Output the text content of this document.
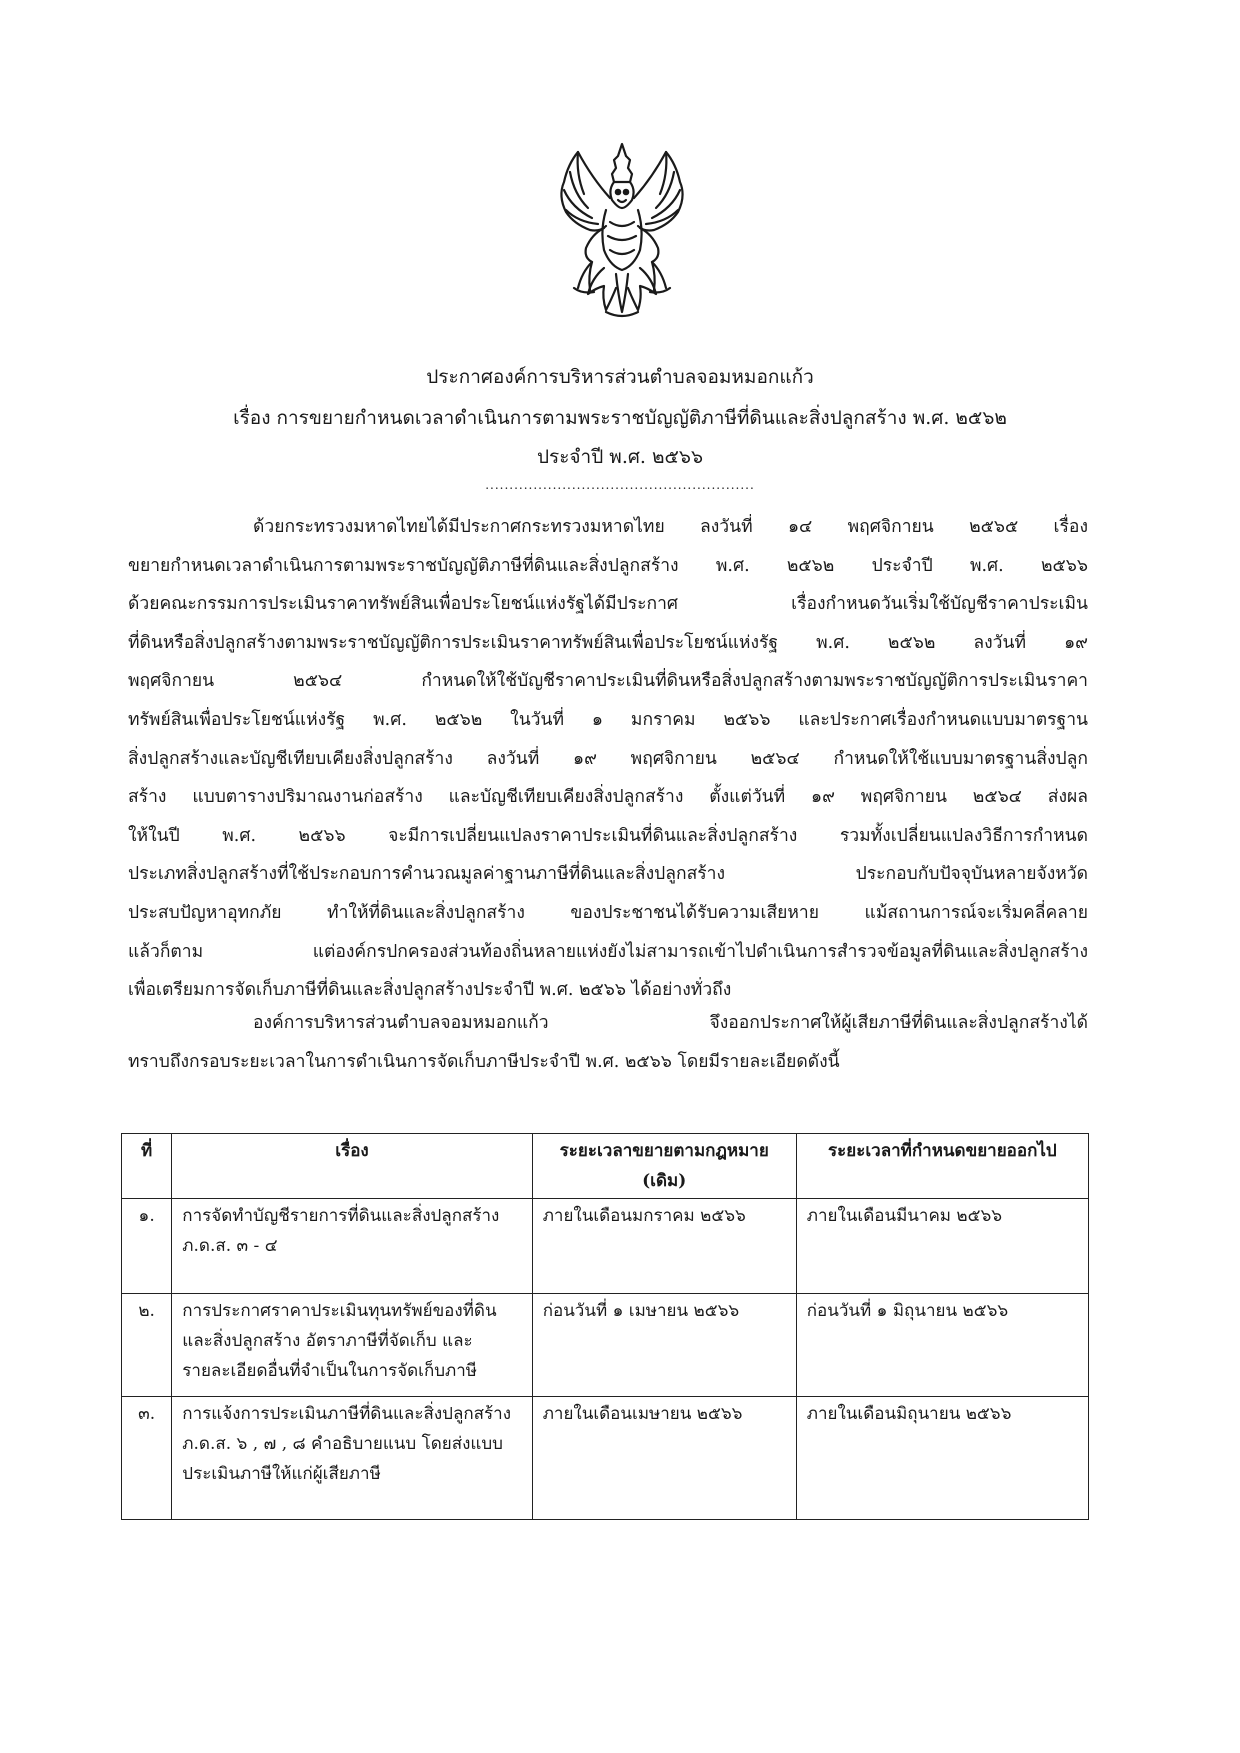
ประกาศองค์การบริหารส่วนตำบลจอมหมอกแก้ว
เรื่อง การขยายกำหนดเวลาดำเนินการตามพระราชบัญญัติภาษีที่ดินและสิ่งปลูกสร้าง พ.ศ. ๒๕๖๒
ประจำปี พ.ศ. ๒๕๖๖
........................................................
ด้วยกระทรวงมหาดไทยได้มีประกาศกระทรวงมหาดไทย ลงวันที่ ๑๔ พฤศจิกายน ๒๕๖๕ เรื่อง
ขยายกำหนดเวลาดำเนินการตามพระราชบัญญัติภาษีที่ดินและสิ่งปลูกสร้าง พ.ศ. ๒๕๖๒ ประจำปี พ.ศ. ๒๕๖๖
ด้วยคณะกรรมการประเมินราคาทรัพย์สินเพื่อประโยชน์แห่งรัฐได้มีประกาศ เรื่องกำหนดวันเริ่มใช้บัญชีราคาประเมิน
ที่ดินหรือสิ่งปลูกสร้างตามพระราชบัญญัติการประเมินราคาทรัพย์สินเพื่อประโยชน์แห่งรัฐ พ.ศ. ๒๕๖๒ ลงวันที่ ๑๙
พฤศจิกายน ๒๕๖๔ กำหนดให้ใช้บัญชีราคาประเมินที่ดินหรือสิ่งปลูกสร้างตามพระราชบัญญัติการประเมินราคา
ทรัพย์สินเพื่อประโยชน์แห่งรัฐ พ.ศ. ๒๕๖๒ ในวันที่ ๑ มกราคม ๒๕๖๖ และประกาศเรื่องกำหนดแบบมาตรฐาน
สิ่งปลูกสร้างและบัญชีเทียบเคียงสิ่งปลูกสร้าง ลงวันที่ ๑๙ พฤศจิกายน ๒๕๖๔ กำหนดให้ใช้แบบมาตรฐานสิ่งปลูก
สร้าง แบบตารางปริมาณงานก่อสร้าง และบัญชีเทียบเคียงสิ่งปลูกสร้าง ตั้งแต่วันที่ ๑๙ พฤศจิกายน ๒๕๖๔ ส่งผล
ให้ในปี พ.ศ. ๒๕๖๖ จะมีการเปลี่ยนแปลงราคาประเมินที่ดินและสิ่งปลูกสร้าง รวมทั้งเปลี่ยนแปลงวิธีการกำหนด
ประเภทสิ่งปลูกสร้างที่ใช้ประกอบการคำนวณมูลค่าฐานภาษีที่ดินและสิ่งปลูกสร้าง ประกอบกับปัจจุบันหลายจังหวัด
ประสบปัญหาอุทกภัย ทำให้ที่ดินและสิ่งปลูกสร้าง ของประชาชนได้รับความเสียหาย แม้สถานการณ์จะเริ่มคลี่คลาย
แล้วก็ตาม แต่องค์กรปกครองส่วนท้องถิ่นหลายแห่งยังไม่สามารถเข้าไปดำเนินการสำรวจข้อมูลที่ดินและสิ่งปลูกสร้าง
เพื่อเตรียมการจัดเก็บภาษีที่ดินและสิ่งปลูกสร้างประจำปี พ.ศ. ๒๕๖๖ ได้อย่างทั่วถึง
องค์การบริหารส่วนตำบลจอมหมอกแก้ว จึงออกประกาศให้ผู้เสียภาษีที่ดินและสิ่งปลูกสร้างได้
ทราบถึงกรอบระยะเวลาในการดำเนินการจัดเก็บภาษีประจำปี พ.ศ. ๒๕๖๖ โดยมีรายละเอียดดังนี้
ที่	เรื่อง	ระยะเวลาขยายตามกฎหมาย
(เดิม)	ระยะเวลาที่กำหนดขยายออกไป
๑.	การจัดทำบัญชีรายการที่ดินและสิ่งปลูกสร้าง
ภ.ด.ส. ๓ - ๔	ภายในเดือนมกราคม ๒๕๖๖	ภายในเดือนมีนาคม ๒๕๖๖
๒.	การประกาศราคาประเมินทุนทรัพย์ของที่ดิน
และสิ่งปลูกสร้าง อัตราภาษีที่จัดเก็บ และ
รายละเอียดอื่นที่จำเป็นในการจัดเก็บภาษี	ก่อนวันที่ ๑ เมษายน ๒๕๖๖	ก่อนวันที่ ๑ มิถุนายน ๒๕๖๖
๓.	การแจ้งการประเมินภาษีที่ดินและสิ่งปลูกสร้าง
ภ.ด.ส. ๖ , ๗ , ๘ คำอธิบายแนบ โดยส่งแบบ
ประเมินภาษีให้แก่ผู้เสียภาษี	ภายในเดือนเมษายน ๒๕๖๖	ภายในเดือนมิถุนายน ๒๕๖๖
